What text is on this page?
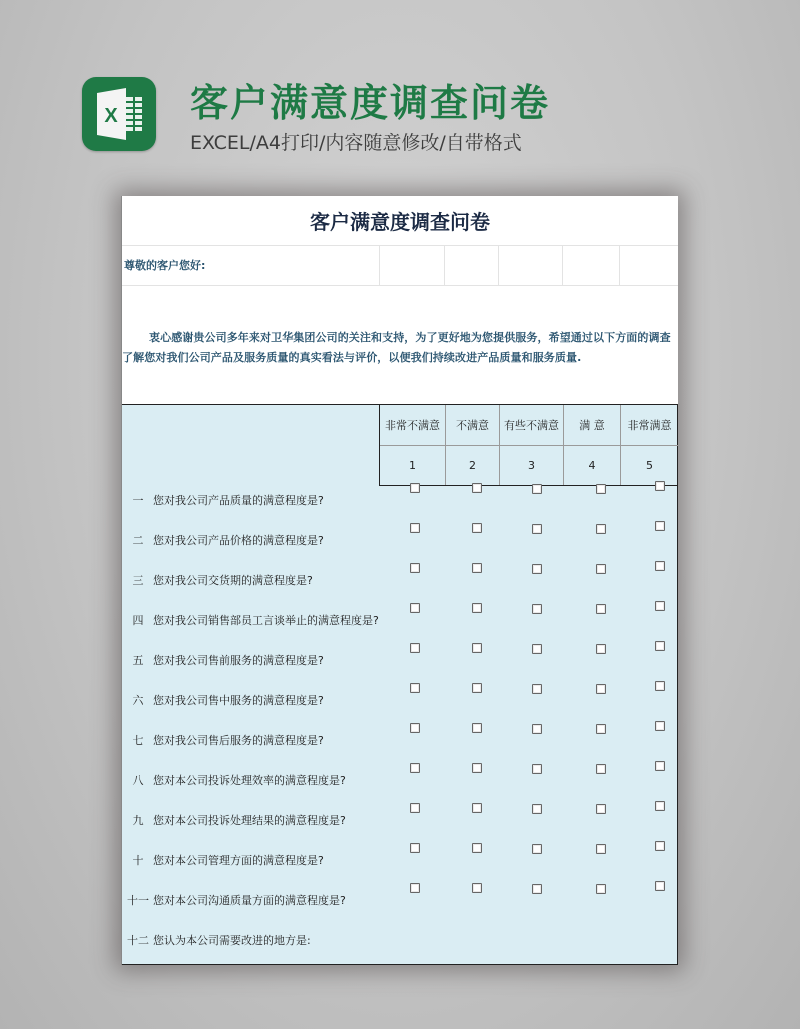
X 客户满意度调查问卷
EXCEL/A4打印/内容随意修改/自带格式
客户满意度调查问卷
尊敬的客户您好:
衷心感谢贵公司多年来对卫华集团公司的关注和支持，为了更好地为您提供服务，希望通过以下方面的调查了解您对我们公司产品及服务质量的真实看法与评价，以便我们持续改进产品质量和服务质量.
非常不满意	不满意	有些不满意	满 意	非常满意
1	2	3	4	5
一 您对我公司产品质量的满意程度是?
二 您对我公司产品价格的满意程度是?
三 您对我公司交货期的满意程度是?
四 您对我公司销售部员工言谈举止的满意程度是?
五 您对我公司售前服务的满意程度是?
六 您对我公司售中服务的满意程度是?
七 您对我公司售后服务的满意程度是?
八 您对本公司投诉处理效率的满意程度是?
九 您对本公司投诉处理结果的满意程度是?
十 您对本公司管理方面的满意程度是?
十一 您对本公司沟通质量方面的满意程度是?
十二 您认为本公司需要改进的地方是:
